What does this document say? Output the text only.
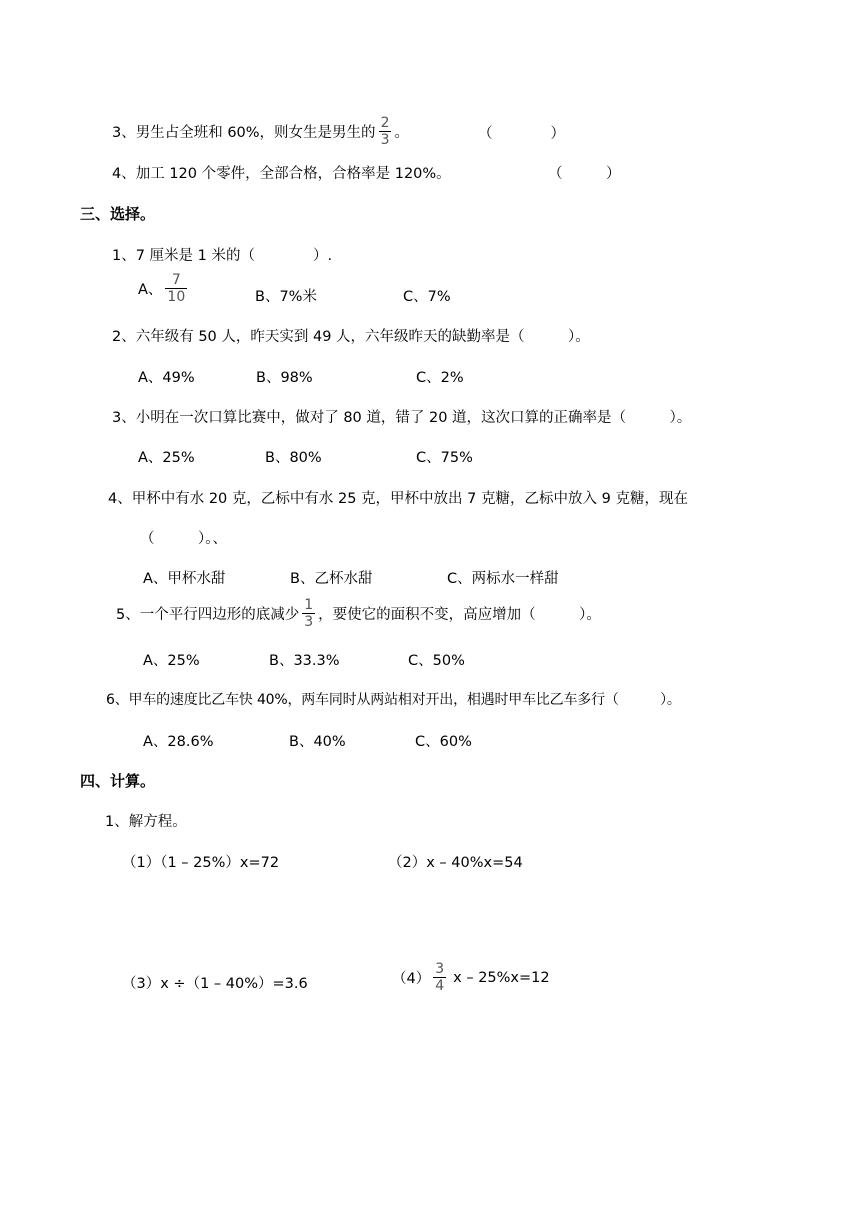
3、男生占全班和 60%，则女生是男生的 $\frac{2}{3}$ 。	（　　　　）
4、加工 120 个零件，全部合格，合格率是 120%。	（　　　）
三、选择。
1、7 厘米是 1 米的（　　　　）.
A、 $\frac{7}{10}$	B、7%米	C、7%
2、六年级有 50 人，昨天实到 49 人，六年级昨天的缺勤率是（　　　）。
A、49%	B、98%	C、2%
3、小明在一次口算比赛中，做对了 80 道，错了 20 道，这次口算的正确率是（　　　）。
A、25%	B、80%	C、75%
4、甲杯中有水 20 克，乙标中有水 25 克，甲杯中放出 7 克糖，乙标中放入 9 克糖，现在
（　　　）。、
A、甲杯水甜	B、乙杯水甜	C、两标水一样甜
5、一个平行四边形的底减少 $\frac{1}{3}$ ，要使它的面积不变，高应增加（　　　）。
A、25%	B、33.3%	C、50%
6、甲车的速度比乙车快 40%，两车同时从两站相对开出，相遇时甲车比乙车多行（　　　）。
A、28.6%	B、40%	C、60%
四、计算。
1、解方程。
（1）（1 – 25%）x=72	（2）x – 40%x=54
（3）x ÷（1 – 40%）=3.6	$(4) \frac{3}{4}$ x – 25%x=12
